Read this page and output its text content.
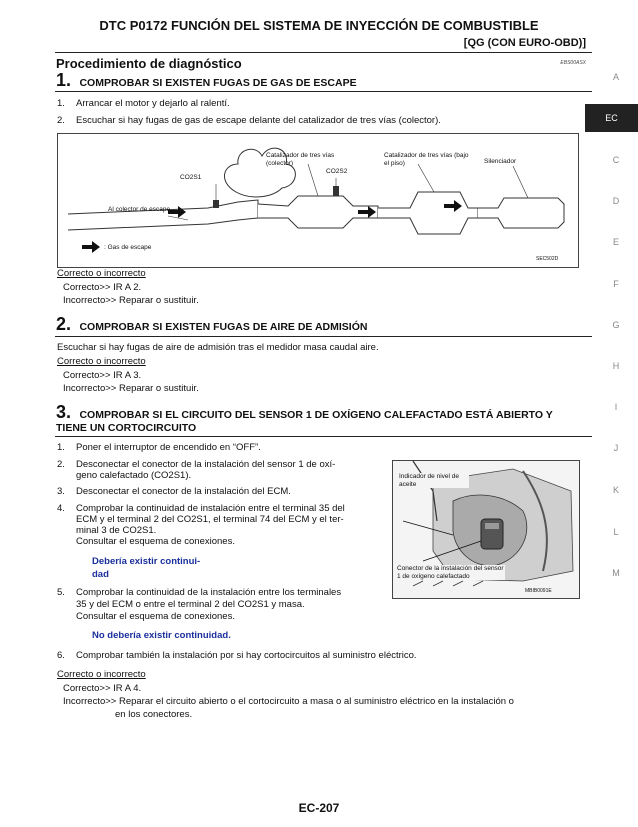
DTC P0172 FUNCIÓN DEL SISTEMA DE INYECCIÓN DE COMBUSTIBLE
[QG (CON EURO-OBD)]
Procedimiento de diagnóstico	EBS00ASX
A
EC
C
D
E
F
G
H
I
J
K
L
M
1. COMPROBAR SI EXISTEN FUGAS DE GAS DE ESCAPE
1. Arrancar el motor y dejarlo al ralentí.
2. Escuchar si hay fugas de gas de escape delante del catalizador de tres vías (colector).
Catalizador de tres vías (colector)
Catalizador de tres vías (bajo el piso)	Silenciador
CO2S1
CO2S2
Al colector de escape
: Gas de escape
SEC502D
Correcto o incorrecto
Correcto>> IR A 2.
Incorrecto>> Reparar o sustituir.
2. COMPROBAR SI EXISTEN FUGAS DE AIRE DE ADMISIÓN
Escuchar si hay fugas de aire de admisión tras el medidor masa caudal aire.
Correcto o incorrecto
Correcto>> IR A 3.
Incorrecto>> Reparar o sustituir.
3. COMPROBAR SI EL CIRCUITO DEL SENSOR 1 DE OXÍGENO CALEFACTADO ESTÁ ABIERTO Y
TIENE UN CORTOCIRCUITO
1. Poner el interruptor de encendido en “OFF”.
2. Desconectar el conector de la instalación del sensor 1 de oxí-
geno calefactado (CO2S1).
3. Desconectar el conector de la instalación del ECM.
4. Comprobar la continuidad de instalación entre el terminal 35 del
ECM y el terminal 2 del CO2S1, el terminal 74 del ECM y el ter-
minal 3 de CO2S1.
Consultar el esquema de conexiones.
Debería existir continui-
dad
5. Comprobar la continuidad de la instalación entre los terminales
35 y del ECM o entre el terminal 2 del CO2S1 y masa.
Consultar el esquema de conexiones.
No debería existir continuidad.
6. Comprobar también la instalación por si hay cortocircuitos al suministro eléctrico.
Indicador de nivel de aceite
Conector de la instalación del sensor 1 de oxígeno calefactado
MBIB0091E
Correcto o incorrecto
Correcto>> IR A 4.
Incorrecto>> Reparar el circuito abierto o el cortocircuito a masa o al suministro eléctrico en la instalación o
en los conectores.
EC-207
